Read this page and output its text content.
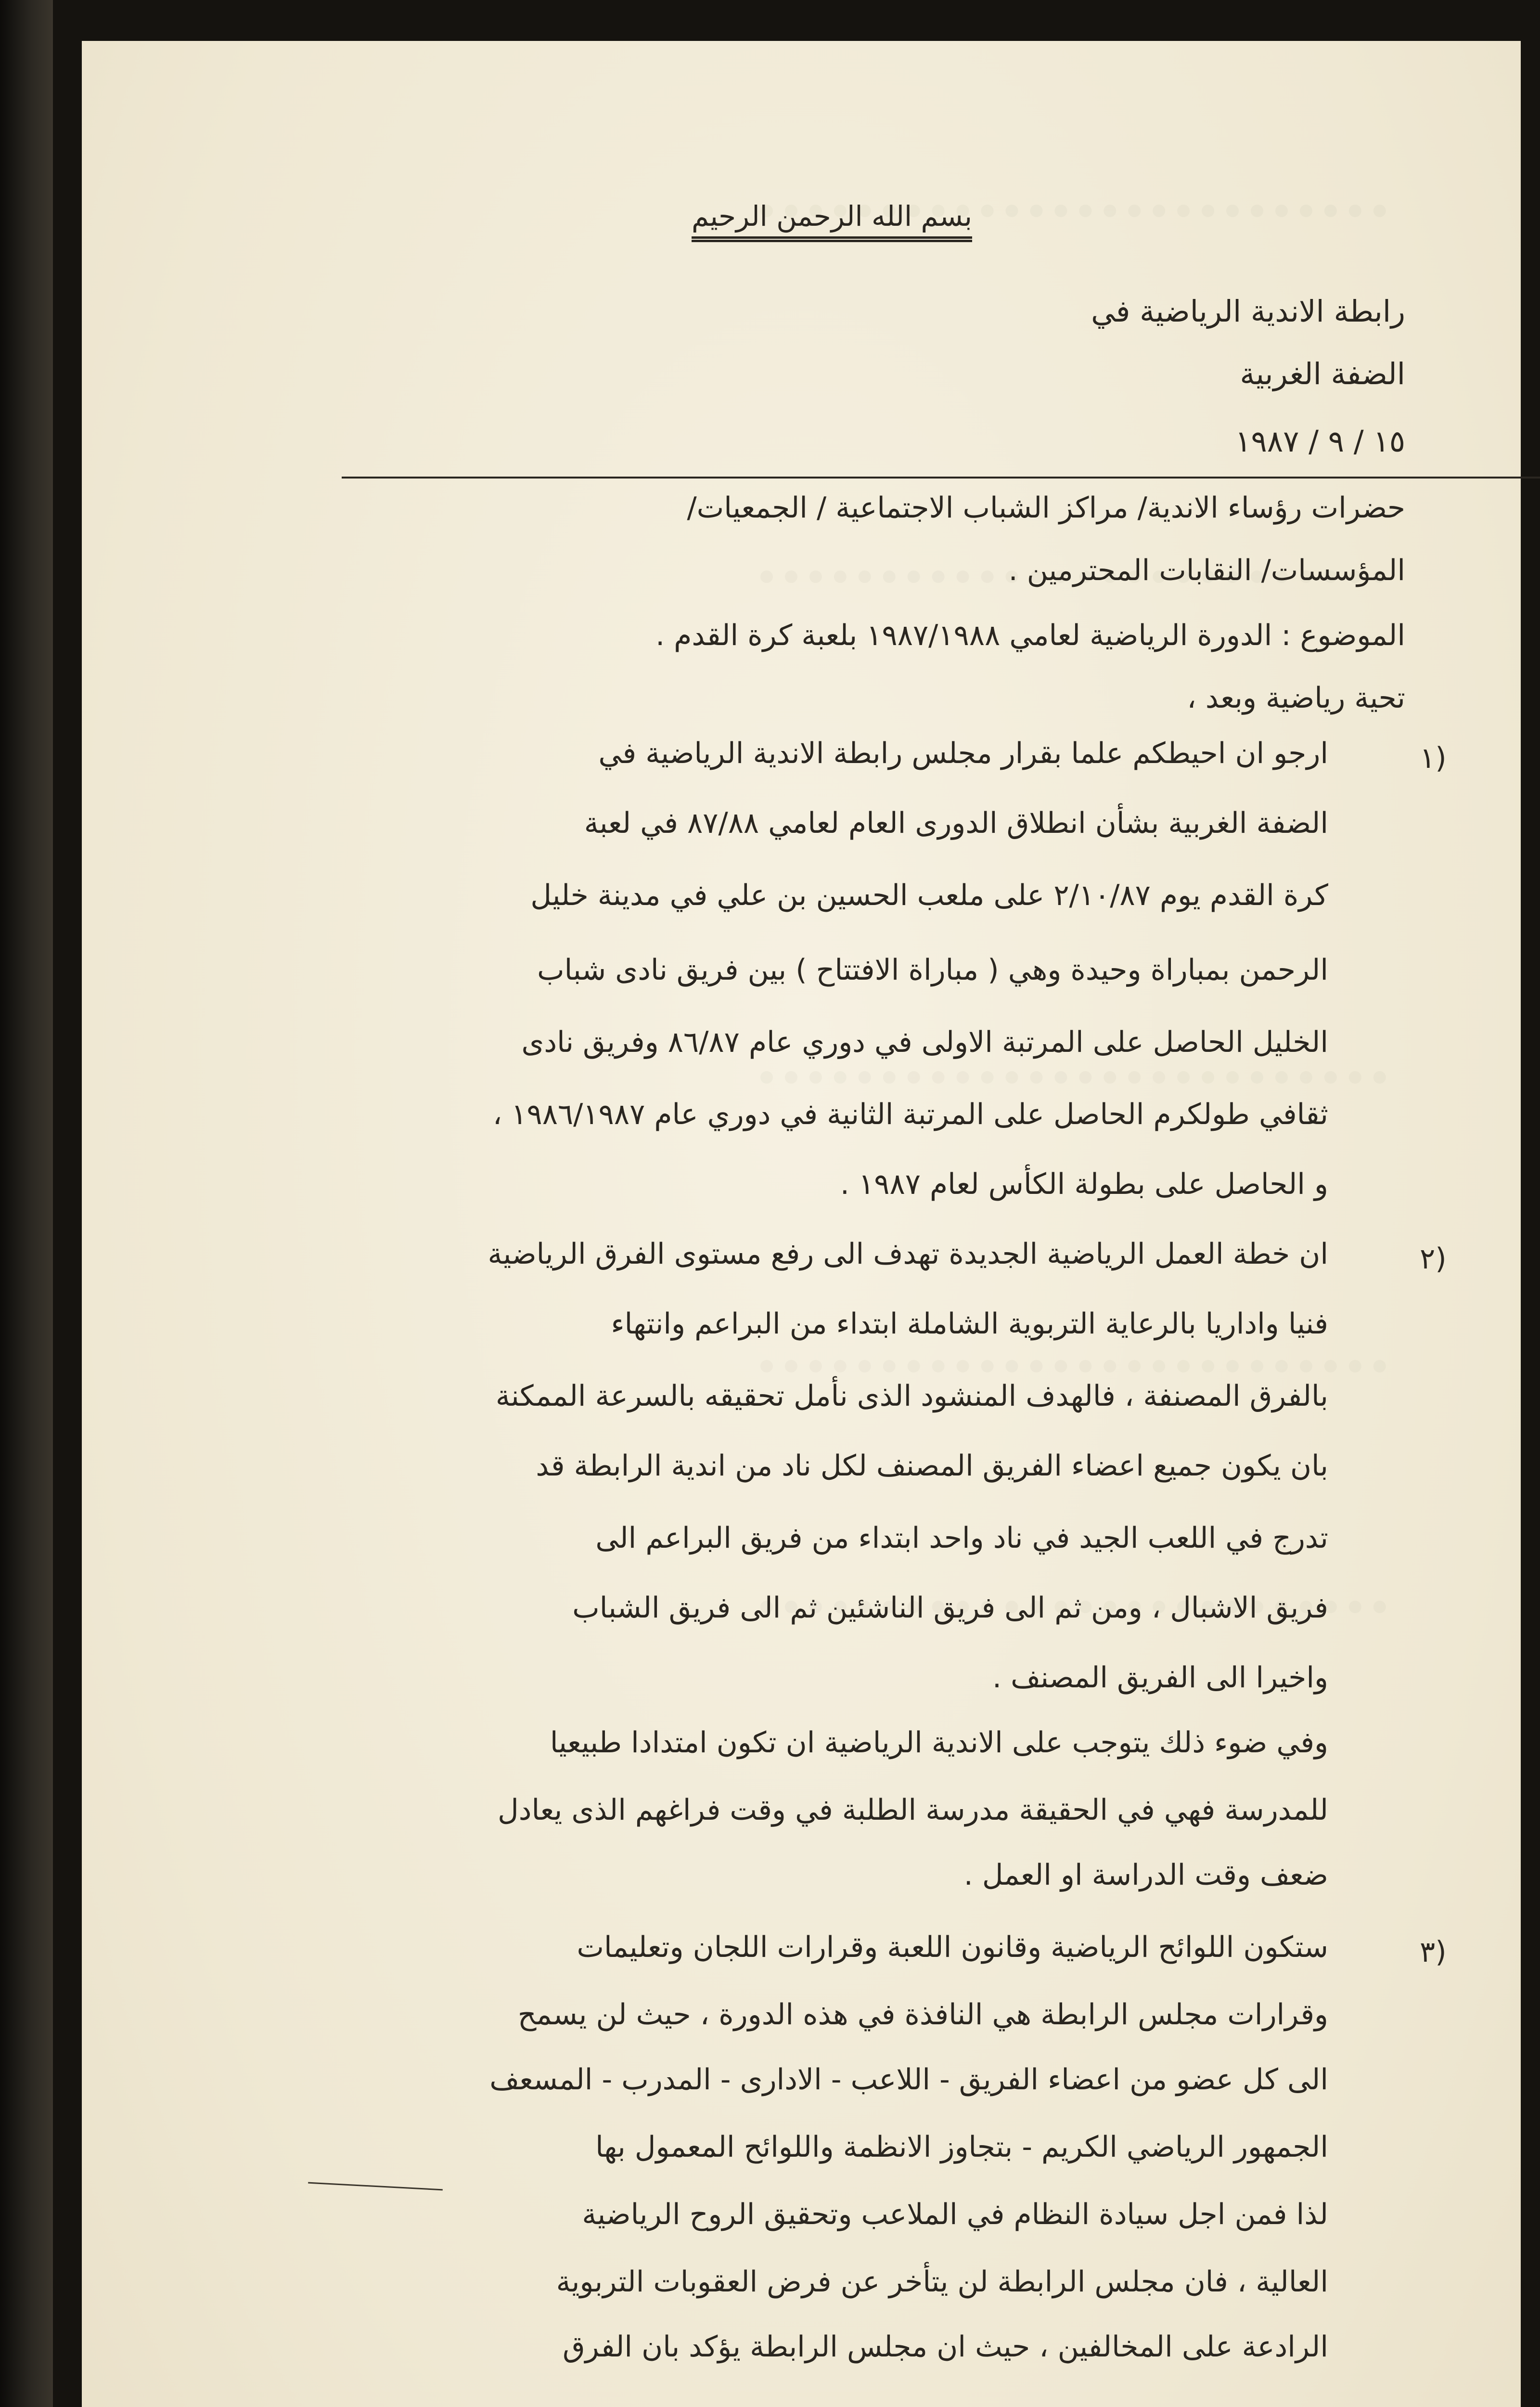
بسم الله الرحمن الرحيم
رابطة الاندية الرياضية في
الضفة الغربية
١٥ / ٩ / ١٩٨٧
حضرات رؤساء الاندية/ مراكز الشباب الاجتماعية / الجمعيات/
المؤسسات/ النقابات المحترمين .
الموضوع : الدورة الرياضية لعامي ١٩٨٧/١٩٨٨ بلعبة كرة القدم .
تحية رياضية وبعد ،
١)
ارجو ان احيطكم علما بقرار مجلس رابطة الاندية الرياضية في
الضفة الغربية بشأن انطلاق الدورى العام لعامي ٨٧/٨٨ في لعبة
كرة القدم يوم ٢/١٠/٨٧ على ملعب الحسين بن علي في مدينة خليل
الرحمن بمباراة وحيدة وهي ( مباراة الافتتاح ) بين فريق نادى شباب
الخليل الحاصل على المرتبة الاولى في دوري عام ٨٦/٨٧ وفريق نادى
ثقافي طولكرم الحاصل على المرتبة الثانية في دوري عام ١٩٨٦/١٩٨٧ ،
و الحاصل على بطولة الكأس لعام ١٩٨٧ .
٢)
ان خطة العمل الرياضية الجديدة تهدف الى رفع مستوى الفرق الرياضية
فنيا واداريا بالرعاية التربوية الشاملة ابتداء من البراعم وانتهاء
بالفرق المصنفة ، فالهدف المنشود الذى نأمل تحقيقه بالسرعة الممكنة
بان يكون جميع اعضاء الفريق المصنف لكل ناد من اندية الرابطة قد
تدرج في اللعب الجيد في ناد واحد ابتداء من فريق البراعم الى
فريق الاشبال ، ومن ثم الى فريق الناشئين ثم الى فريق الشباب
واخيرا الى الفريق المصنف .
وفي ضوء ذلك يتوجب على الاندية الرياضية ان تكون امتدادا طبيعيا
للمدرسة فهي في الحقيقة مدرسة الطلبة في وقت فراغهم الذى يعادل
ضعف وقت الدراسة او العمل .
٣)
ستكون اللوائح الرياضية وقانون اللعبة وقرارات اللجان وتعليمات
وقرارات مجلس الرابطة هي النافذة في هذه الدورة ، حيث لن يسمح
الى كل عضو من اعضاء الفريق - اللاعب - الادارى - المدرب - المسعف
الجمهور الرياضي الكريم - بتجاوز الانظمة واللوائح المعمول بها
لذا فمن اجل سيادة النظام في الملاعب وتحقيق الروح الرياضية
العالية ، فان مجلس الرابطة لن يتأخر عن فرض العقوبات التربوية
الرادعة على المخالفين ، حيث ان مجلس الرابطة يؤكد بان الفرق
